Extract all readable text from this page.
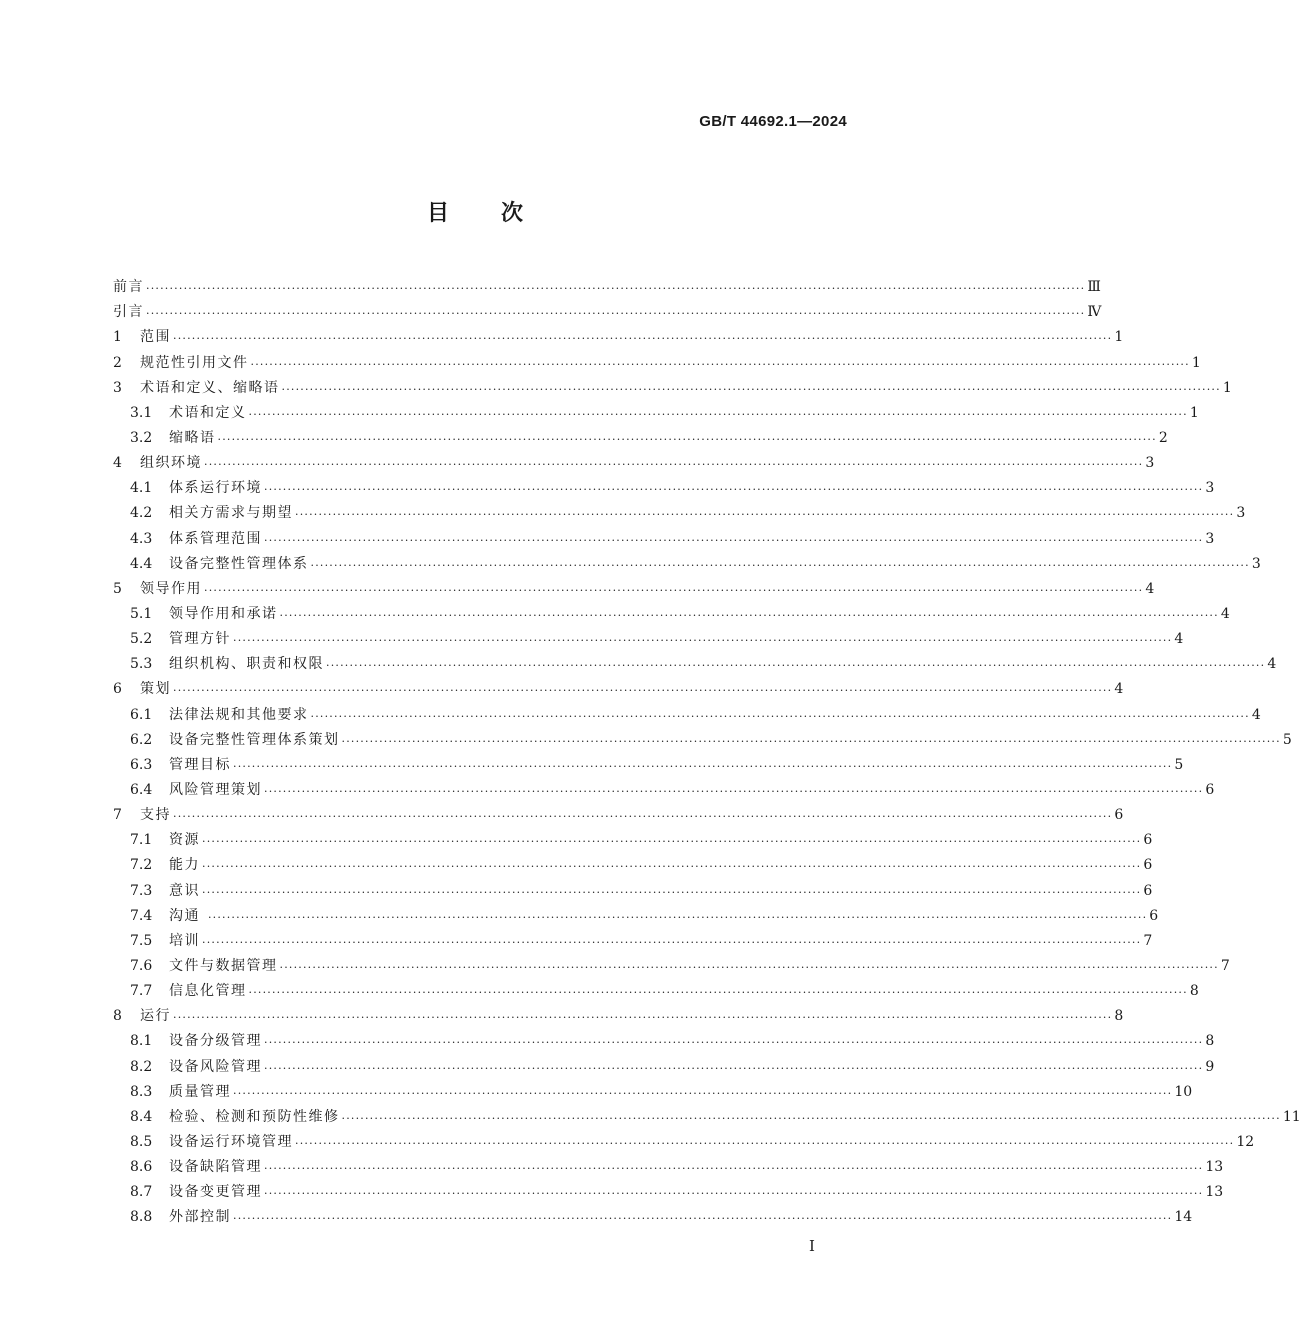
GB/T 44692.1—2024
目次
前言 ········································································································································································································ Ⅲ
引言 ········································································································································································································ Ⅳ
1	范围 ········································································································································································································ 1
2	规范性引用文件 ········································································································································································································ 1
3	术语和定义、缩略语 ········································································································································································································ 1
3.1	术语和定义 ········································································································································································································ 1
3.2	缩略语 ········································································································································································································ 2
4	组织环境 ········································································································································································································ 3
4.1	体系运行环境 ········································································································································································································ 3
4.2	相关方需求与期望 ········································································································································································································ 3
4.3	体系管理范围 ········································································································································································································ 3
4.4	设备完整性管理体系 ········································································································································································································ 3
5	领导作用 ········································································································································································································ 4
5.1	领导作用和承诺 ········································································································································································································ 4
5.2	管理方针 ········································································································································································································ 4
5.3	组织机构、职责和权限 ········································································································································································································ 4
6	策划 ········································································································································································································ 4
6.1	法律法规和其他要求 ········································································································································································································ 4
6.2	设备完整性管理体系策划 ········································································································································································································ 5
6.3	管理目标 ········································································································································································································ 5
6.4	风险管理策划 ········································································································································································································ 6
7	支持 ········································································································································································································ 6
7.1	资源 ········································································································································································································ 6
7.2	能力 ········································································································································································································ 6
7.3	意识 ········································································································································································································ 6
7.4	沟通 ········································································································································································································ 6
7.5	培训 ········································································································································································································ 7
7.6	文件与数据管理 ········································································································································································································ 7
7.7	信息化管理 ········································································································································································································ 8
8	运行 ········································································································································································································ 8
8.1	设备分级管理 ········································································································································································································ 8
8.2	设备风险管理 ········································································································································································································ 9
8.3	质量管理 ········································································································································································································ 10
8.4	检验、检测和预防性维修 ········································································································································································································ 11
8.5	设备运行环境管理 ········································································································································································································ 12
8.6	设备缺陷管理 ········································································································································································································ 13
8.7	设备变更管理 ········································································································································································································ 13
8.8	外部控制 ········································································································································································································ 14
Ⅰ
